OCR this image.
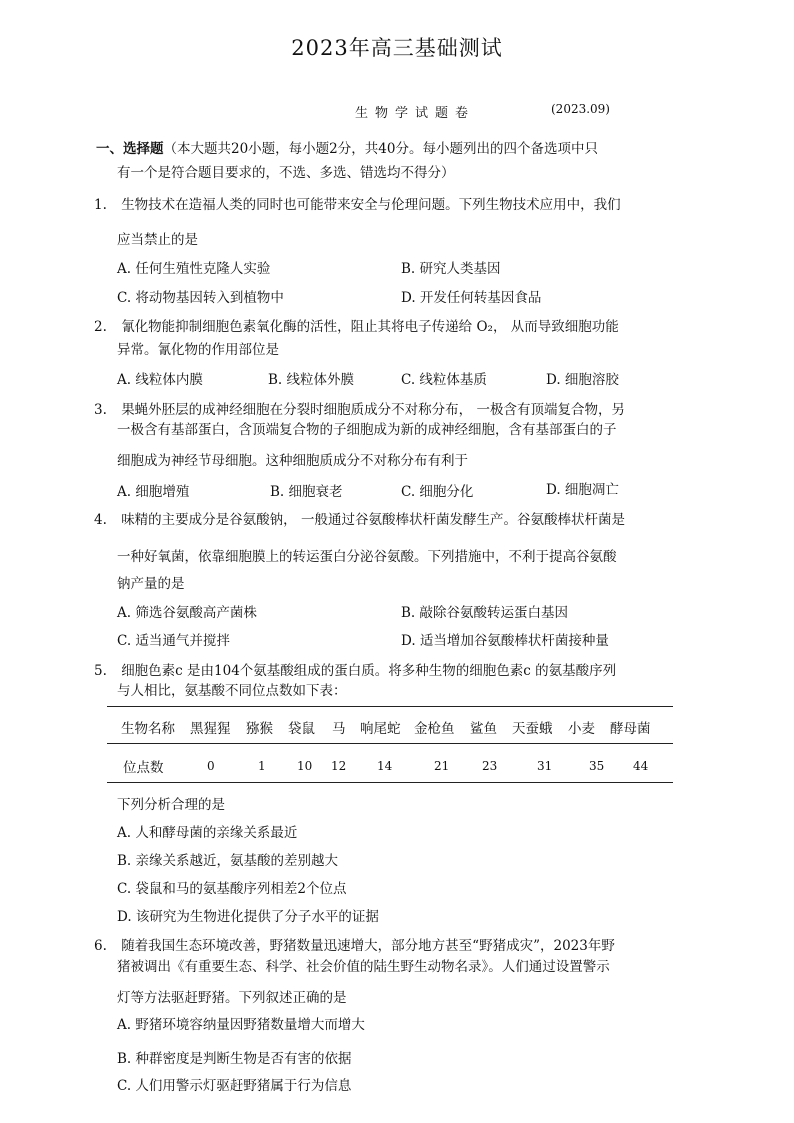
2023年高三基础测试
生物学试题卷	(2023.09)
一、选择题（本大题共20小题，每小题2分，共40分。每小题列出的四个备选项中只
有一个是符合题目要求的，不选、多选、错选均不得分）
1. 生物技术在造福人类的同时也可能带来安全与伦理问题。下列生物技术应用中，我们
应当禁止的是
A. 任何生殖性克隆人实验	B. 研究人类基因
C. 将动物基因转入到植物中	D. 开发任何转基因食品
2. 氰化物能抑制细胞色素氧化酶的活性，阻止其将电子传递给 O₂， 从而导致细胞功能
异常。氰化物的作用部位是
A. 线粒体内膜	B. 线粒体外膜	C. 线粒体基质	D. 细胞溶胶
3. 果蝇外胚层的成神经细胞在分裂时细胞质成分不对称分布， 一极含有顶端复合物，另
一极含有基部蛋白，含顶端复合物的子细胞成为新的成神经细胞，含有基部蛋白的子
细胞成为神经节母细胞。这种细胞质成分不对称分布有利于
A. 细胞增殖	B. 细胞衰老	C. 细胞分化	D. 细胞凋亡
4. 味精的主要成分是谷氨酸钠， 一般通过谷氨酸棒状杆菌发酵生产。谷氨酸棒状杆菌是
一种好氧菌，依靠细胞膜上的转运蛋白分泌谷氨酸。下列措施中，不利于提高谷氨酸
钠产量的是
A. 筛选谷氨酸高产菌株	B. 敲除谷氨酸转运蛋白基因
C. 适当通气并搅拌	D. 适当增加谷氨酸棒状杆菌接种量
5. 细胞色素c 是由104个氨基酸组成的蛋白质。将多种生物的细胞色素c 的氨基酸序列
与人相比，氨基酸不同位点数如下表：
生物名称 黑猩猩 猕猴 袋鼠 马 响尾蛇 金枪鱼 鲨鱼 天蚕蛾 小麦 酵母菌
位点数	0	1	10 12	14	21	23	31	35 44
下列分析合理的是
A. 人和酵母菌的亲缘关系最近
B. 亲缘关系越近，氨基酸的差别越大
C. 袋鼠和马的氨基酸序列相差2个位点
D. 该研究为生物进化提供了分子水平的证据
6. 随着我国生态环境改善，野猪数量迅速增大，部分地方甚至“野猪成灾”，2023年野
猪被调出《有重要生态、科学、社会价值的陆生野生动物名录》。人们通过设置警示
灯等方法驱赶野猪。下列叙述正确的是
A. 野猪环境容纳量因野猪数量增大而增大
B. 种群密度是判断生物是否有害的依据
C. 人们用警示灯驱赶野猪属于行为信息
